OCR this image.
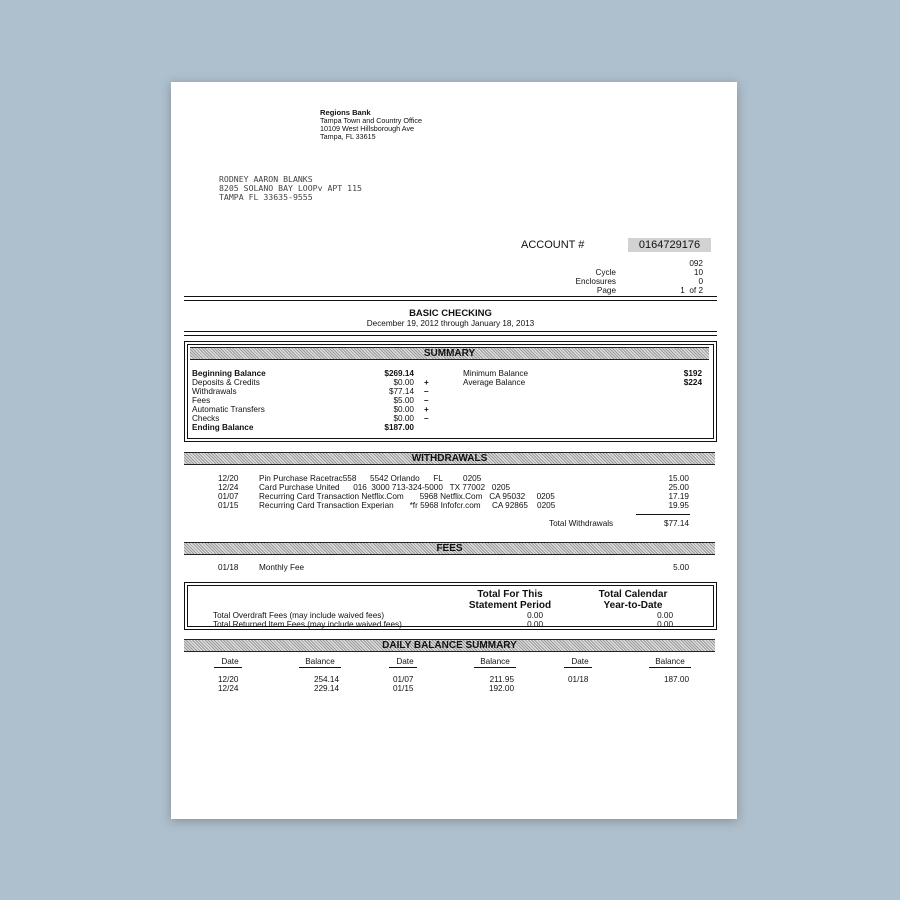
Regions Bank
Tampa Town and Country Office
10109 West Hillsborough Ave
Tampa, FL 33615
RODNEY AARON BLANKS
8205 SOLANO BAY LOOPv APT 115
TAMPA FL 33635-9555
ACCOUNT #	0164729176
092
Cycle	10
Enclosures	0
Page	1  of 2
BASIC CHECKING
December 19, 2012 through January 18, 2013
SUMMARY
Beginning Balance	$269.14
Deposits & Credits	$0.00 +
Withdrawals	$77.14 –
Fees	$5.00 –
Automatic Transfers	$0.00 +
Checks	$0.00 –
Ending Balance	$187.00
Minimum Balance	$192
Average Balance	$224
WITHDRAWALS
12/20	Pin Purchase Racetrac558      5542 Orlando      FL         0205	15.00
12/24	Card Purchase United      016  3000 713-324-5000   TX 77002   0205	25.00
01/07	Recurring Card Transaction Netflix.Com       5968 Netflix.Com   CA 95032     0205	17.19
01/15	Recurring Card Transaction Experian       *fr 5968 Infofcr.com     CA 92865    0205	19.95
Total Withdrawals	$77.14
FEES
01/18	Monthly Fee	5.00
Total For This
Statement Period
Total Calendar
Year-to-Date
Total Overdraft Fees (may include waived fees)	0.00	0.00
Total Returned Item Fees (may include waived fees)	0.00	0.00
DAILY BALANCE SUMMARY
Date	Balance
12/20	254.14
12/24	229.14
Date	Balance
01/07	211.95
01/15	192.00
Date	Balance
01/18	187.00
